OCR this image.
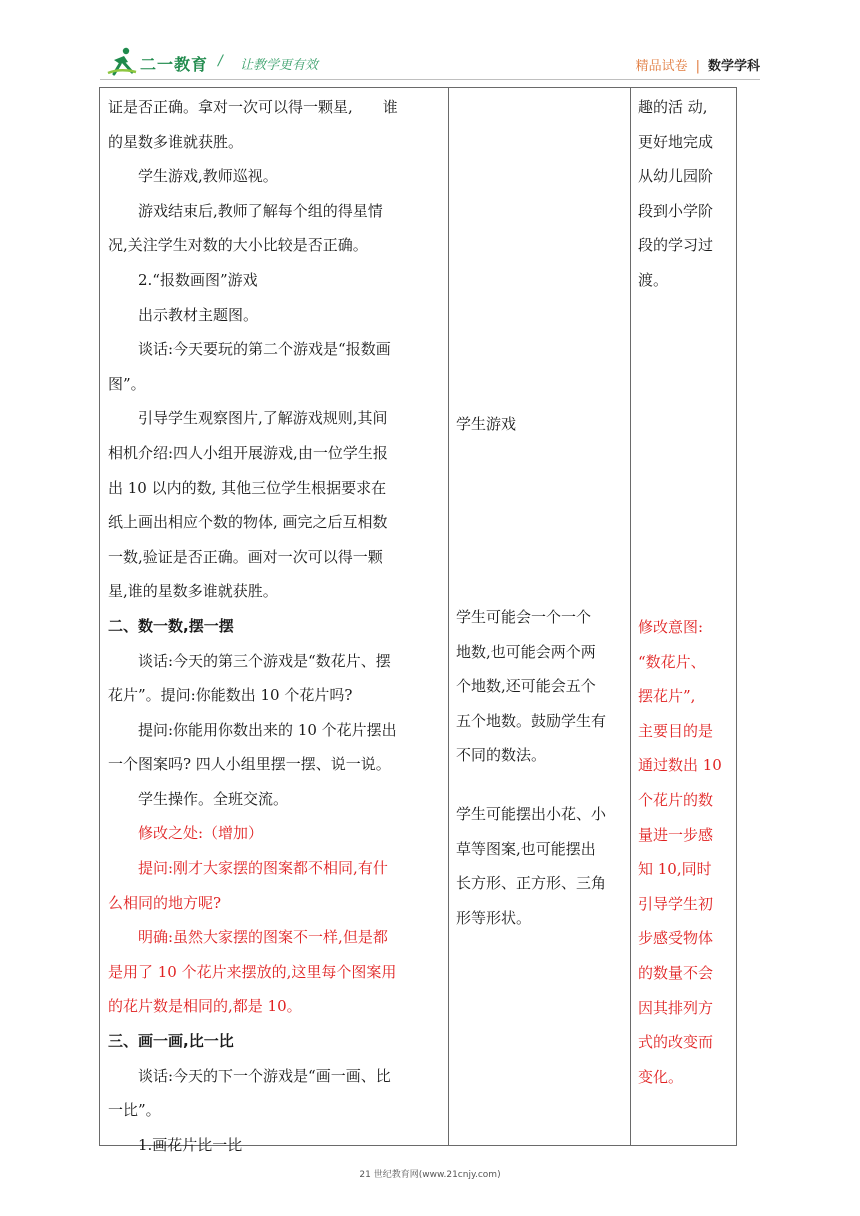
二一教育 / 让教学更有效	精品试卷 | 数学学科

证是否正确。拿对一次可以得一颗星,　　谁

的星数多谁就获胜。

学生游戏,教师巡视。

游戏结束后,教师了解每个组的得星情

况,关注学生对数的大小比较是否正确。

2.“报数画图”游戏

出示教材主题图。

谈话:今天要玩的第二个游戏是“报数画

图”。

引导学生观察图片,了解游戏规则,其间

相机介绍:四人小组开展游戏,由一位学生报

出 10 以内的数, 其他三位学生根据要求在

纸上画出相应个数的物体, 画完之后互相数

一数,验证是否正确。画对一次可以得一颗

星,谁的星数多谁就获胜。

二、数一数,摆一摆

谈话:今天的第三个游戏是“数花片、摆

花片”。提问:你能数出 10 个花片吗?

提问:你能用你数出来的 10 个花片摆出

一个图案吗? 四人小组里摆一摆、说一说。

学生操作。全班交流。

修改之处:（增加）

提问:刚才大家摆的图案都不相同,有什

么相同的地方呢?

明确:虽然大家摆的图案不一样,但是都

是用了 10 个花片来摆放的,这里每个图案用

的花片数是相同的,都是 10。

三、画一画,比一比

谈话:今天的下一个游戏是“画一画、比

一比”。

1.画花片比一比

学生游戏

学生可能会一个一个

地数,也可能会两个两

个地数,还可能会五个

五个地数。鼓励学生有

不同的数法。

学生可能摆出小花、小

草等图案,也可能摆出

长方形、正方形、三角

形等形状。

趣的活 动,

更好地完成

从幼儿园阶

段到小学阶

段的学习过

渡。

修改意图:

“数花片、

摆花片”,

主要目的是

通过数出 10

个花片的数

量进一步感

知 10,同时

引导学生初

步感受物体

的数量不会

因其排列方

式的改变而

变化。

21 世纪教育网(www.21cnjy.com)
